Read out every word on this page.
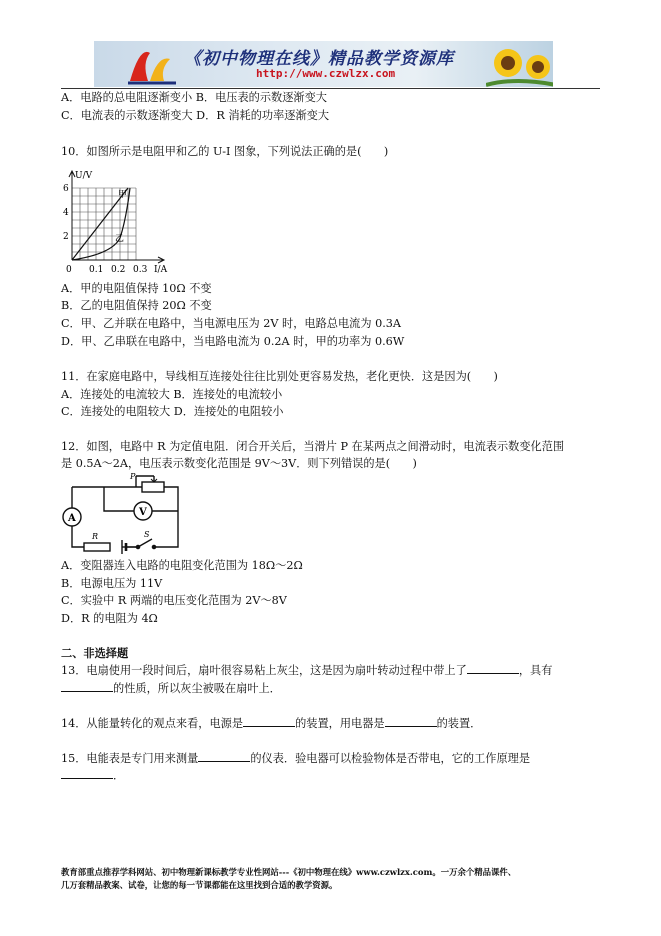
《初中物理在线》精品教学资源库
http://www.czwlzx.com
A．电路的总电阻逐渐变小 B．电压表的示数逐渐变大
C．电流表的示数逐渐变大 D．R 消耗的功率逐渐变大
10．如图所示是电阻甲和乙的 U-I 图象，下列说法正确的是(　　)
甲
乙
U/V
I/A
6
4
2
0 0.1 0.2 0.3
A．甲的电阻值保持 10Ω 不变
B．乙的电阻值保持 20Ω 不变
C．甲、乙并联在电路中，当电源电压为 2V 时，电路总电流为 0.3A
D．甲、乙串联在电路中，当电路电流为 0.2A 时，甲的功率为 0.6W
11．在家庭电路中，导线相互连接处往往比别处更容易发热，老化更快．这是因为(　　)
A．连接处的电流较大 B．连接处的电流较小
C．连接处的电阻较大 D．连接处的电阻较小
12．如图，电路中 R 为定值电阻．闭合开关后，当滑片 P 在某两点之间滑动时，电流表示数变化范围
是 0.5A～2A，电压表示数变化范围是 9V～3V．则下列错误的是(　　)
P
V
A
R	S
A．变阻器连入电路的电阻变化范围为 18Ω～2Ω
B．电源电压为 11V
C．实验中 R 两端的电压变化范围为 2V～8V
D．R 的电阻为 4Ω
二、非选择题
13．电扇使用一段时间后，扇叶很容易粘上灰尘，这是因为扇叶转动过程中带上了	，具有
的性质，所以灰尘被吸在扇叶上．
14．从能量转化的观点来看，电源是	的装置，用电器是	的装置．
15．电能表是专门用来测量	的仪表．验电器可以检验物体是否带电，它的工作原理是
．
教育部重点推荐学科网站、初中物理新课标教学专业性网站---《初中物理在线》www.czwlzx.com。一万余个精品课件、
几万套精品教案、试卷，让您的每一节课都能在这里找到合适的教学资源。
